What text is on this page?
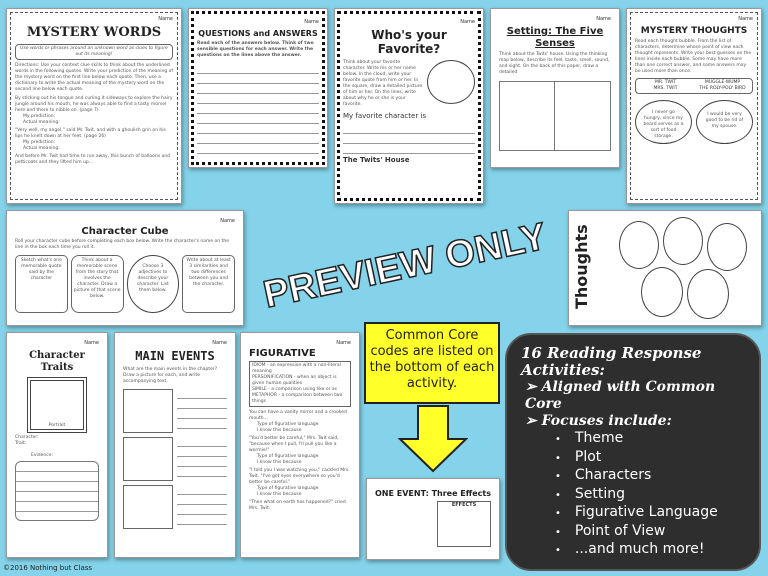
Name
MYSTERY WORDS
Use words or phrases around an unknown word as clues to figure out its meaning!
Directions: Use your context clue skills to think about the underlined words in the following quotes. Write your prediction of the meaning of the mystery word on the first line below each quote. Then, use a dictionary to write the actual meaning of the mystery word on the second line below each quote.
By sticking out his tongue and curling it sideways to explore the hairy jungle around his mouth, he was always able to find a tasty morsel here and there to nibble on. (page 7)
My prediction:
Actual meaning:
"Very well, my angel," said Mr. Twit, and with a ghoulish grin on his lips he knelt down at her feet. (page 26)
My prediction:
Actual meaning:
And before Mr. Twit had time to run away, this bunch of balloons and petticoats and they lifted him up...
Name
QUESTIONS and ANSWERS
Read each of the answers below. Think of two sensible questions for each answer. Write the questions on the lines above the answer.
Name
Who's your Favorite?
Think about your favorite character. Write his or her name below. In the cloud, write your favorite quote from him or her. In the square, draw a detailed picture of him or her. On the lines, write about why he or she is your favorite.
My favorite character is
The Twits' House
Name
Setting: The Five Senses
Think about the Twits' house. Using the thinking map below, describe its feel, taste, smell, sound, and sight. On the back of this paper, draw a detailed
Name
MYSTERY THOUGHTS
Read each thought bubble. From the list of characters, determine whose point of view each thought represents. Write your best guesses on the lines inside each bubble. Some may have more than one correct answer, and some answers may be used more than once.
MR. TWIT	MUGGLE-WUMP
MRS. TWIT	THE ROLY-POLY BIRD
I never go hungry, since my beard serves as a sort of food storage.
I would be very good to be rid of my spouse.
Name
Character Cube
Roll your character cube before completing each box below. Write the character's name on the line in the box each time you roll it.
Sketch what's one memorable quote said by the character
Think about a memorable scene from the story that involves the character. Draw a picture of that scene below.
Choose 3 adjectives to describe your character. List them below.
Write about at least 3 similarities and two differences between you and the character. PREVIEW ONLY	Thoughts
Name
Character Traits
Portrait
Character:
Trait:
Evidence:
Name
MAIN EVENTS
What are the main events in the chapter? Draw a picture for each, and write accompanying text.
Name
FIGURATIVE
IDIOM - an expression with a non-literal meaning
PERSONIFICATION - when an object is given human qualities
SIMILE - a comparison using like or as
METAPHOR - a comparison between two things
You can have a vanity mirror and a crooked mouth...
Type of figurative language
I know this because
"You'd better be careful," Mrs. Twit said, "because when I pull, I'll pull you like a wormie!"
Type of figurative language
I know this because
"I told you I was watching you," cackled Mrs. Twit. "I've got eyes everywhere so you'd better be careful."
Type of figurative language
I know this because
"Then what on earth has happened?" cried Mrs. Twit.
Common Core codes are listed on the bottom of each activity.
ONE EVENT: Three Effects
EFFECTS
16 Reading Response Activities:
➢ Aligned with Common Core
➢ Focuses include:
• Theme
• Plot
• Characters
• Setting
• Figurative Language
• Point of View
• ...and much more!
©2016 Nothing but Class
